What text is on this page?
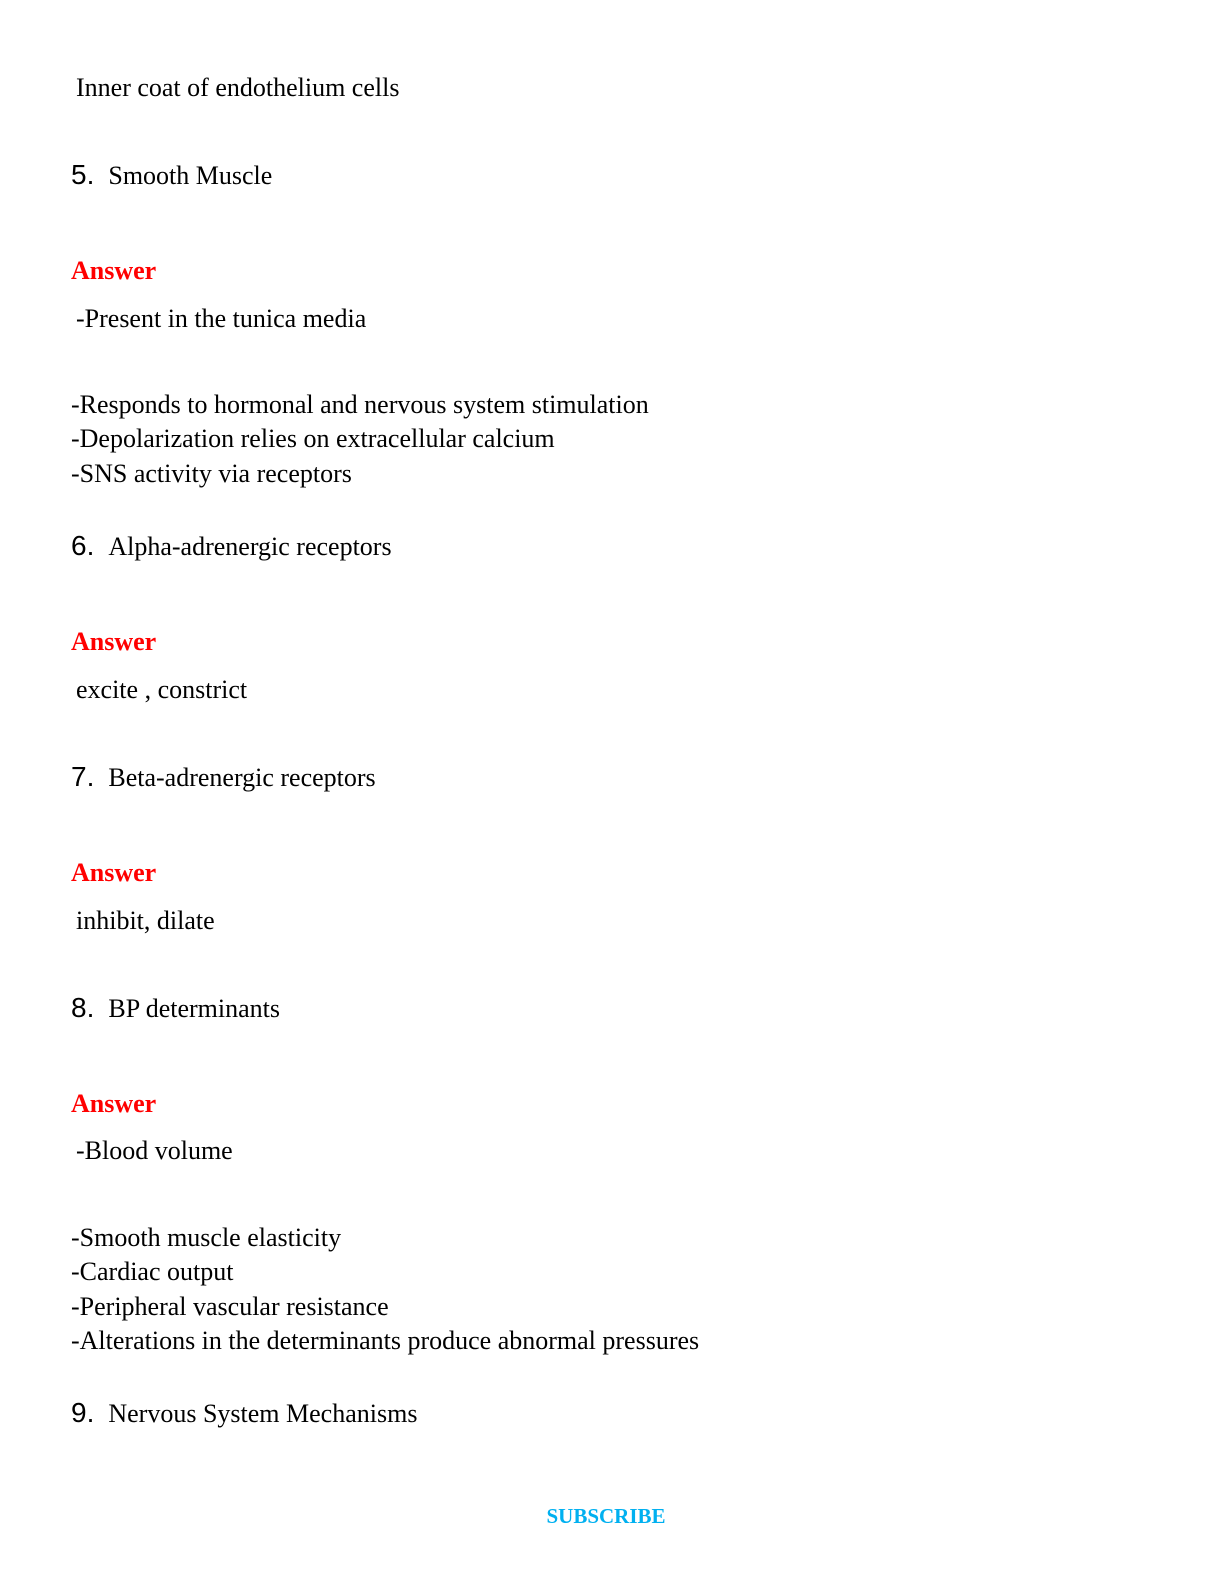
Inner coat of endothelium cells
5. Smooth Muscle
Answer
-Present in the tunica media
-Responds to hormonal and nervous system stimulation
-Depolarization relies on extracellular calcium
-SNS activity via receptors
6. Alpha-adrenergic receptors
Answer
excite , constrict
7. Beta-adrenergic receptors
Answer
inhibit, dilate
8. BP determinants
Answer
-Blood volume
-Smooth muscle elasticity
-Cardiac output
-Peripheral vascular resistance
-Alterations in the determinants produce abnormal pressures
9. Nervous System Mechanisms
SUBSCRIBE
